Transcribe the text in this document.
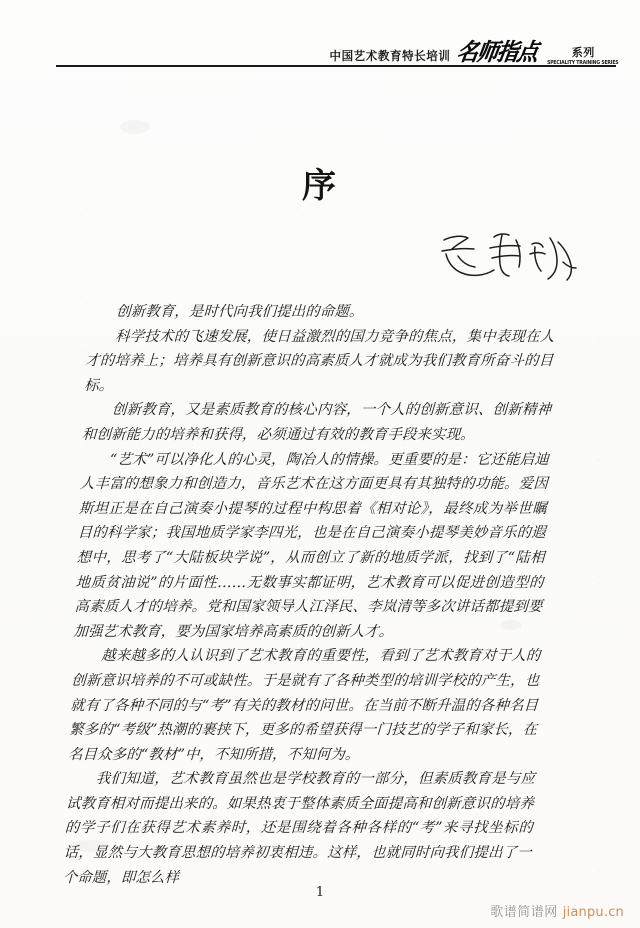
中国艺术教育特长培训 名师指点	系列
SPECIALITY TRAINING SERIES
序

创新教育，是时代向我们提出的命题。

科学技术的飞速发展，使日益激烈的国力竞争的焦点，集中表现在人才的培养上；培养具有创新意识的高素质人才就成为我们教育所奋斗的目标。

创新教育，又是素质教育的核心内容，一个人的创新意识、创新精神和创新能力的培养和获得，必须通过有效的教育手段来实现。

“艺术”可以净化人的心灵，陶冶人的情操。更重要的是：它还能启迪人丰富的想象力和创造力，音乐艺术在这方面更具有其独特的功能。爱因斯坦正是在自己演奏小提琴的过程中构思着《相对论》，最终成为举世瞩目的科学家；我国地质学家李四光，也是在自己演奏小提琴美妙音乐的遐想中，思考了“大陆板块学说”，从而创立了新的地质学派，找到了“陆相地质贫油说”的片面性……无数事实都证明，艺术教育可以促进创造型的高素质人才的培养。党和国家领导人江泽民、李岚清等多次讲话都提到要加强艺术教育，要为国家培养高素质的创新人才。

越来越多的人认识到了艺术教育的重要性，看到了艺术教育对于人的创新意识培养的不可或缺性。于是就有了各种类型的培训学校的产生，也就有了各种不同的与“考”有关的教材的问世。在当前不断升温的各种名目繁多的“考级”热潮的裹挟下，更多的希望获得一门技艺的学子和家长，在名目众多的“教材”中，不知所措，不知何为。

我们知道，艺术教育虽然也是学校教育的一部分，但素质教育是与应试教育相对而提出来的。如果热衷于整体素质全面提高和创新意识的培养的学子们在获得艺术素养时，还是围绕着各种各样的“考”来寻找坐标的话，显然与大教育思想的培养初衷相违。这样，也就同时向我们提出了一个命题，即怎么样

1
歌谱简谱网 jianpu.cn
